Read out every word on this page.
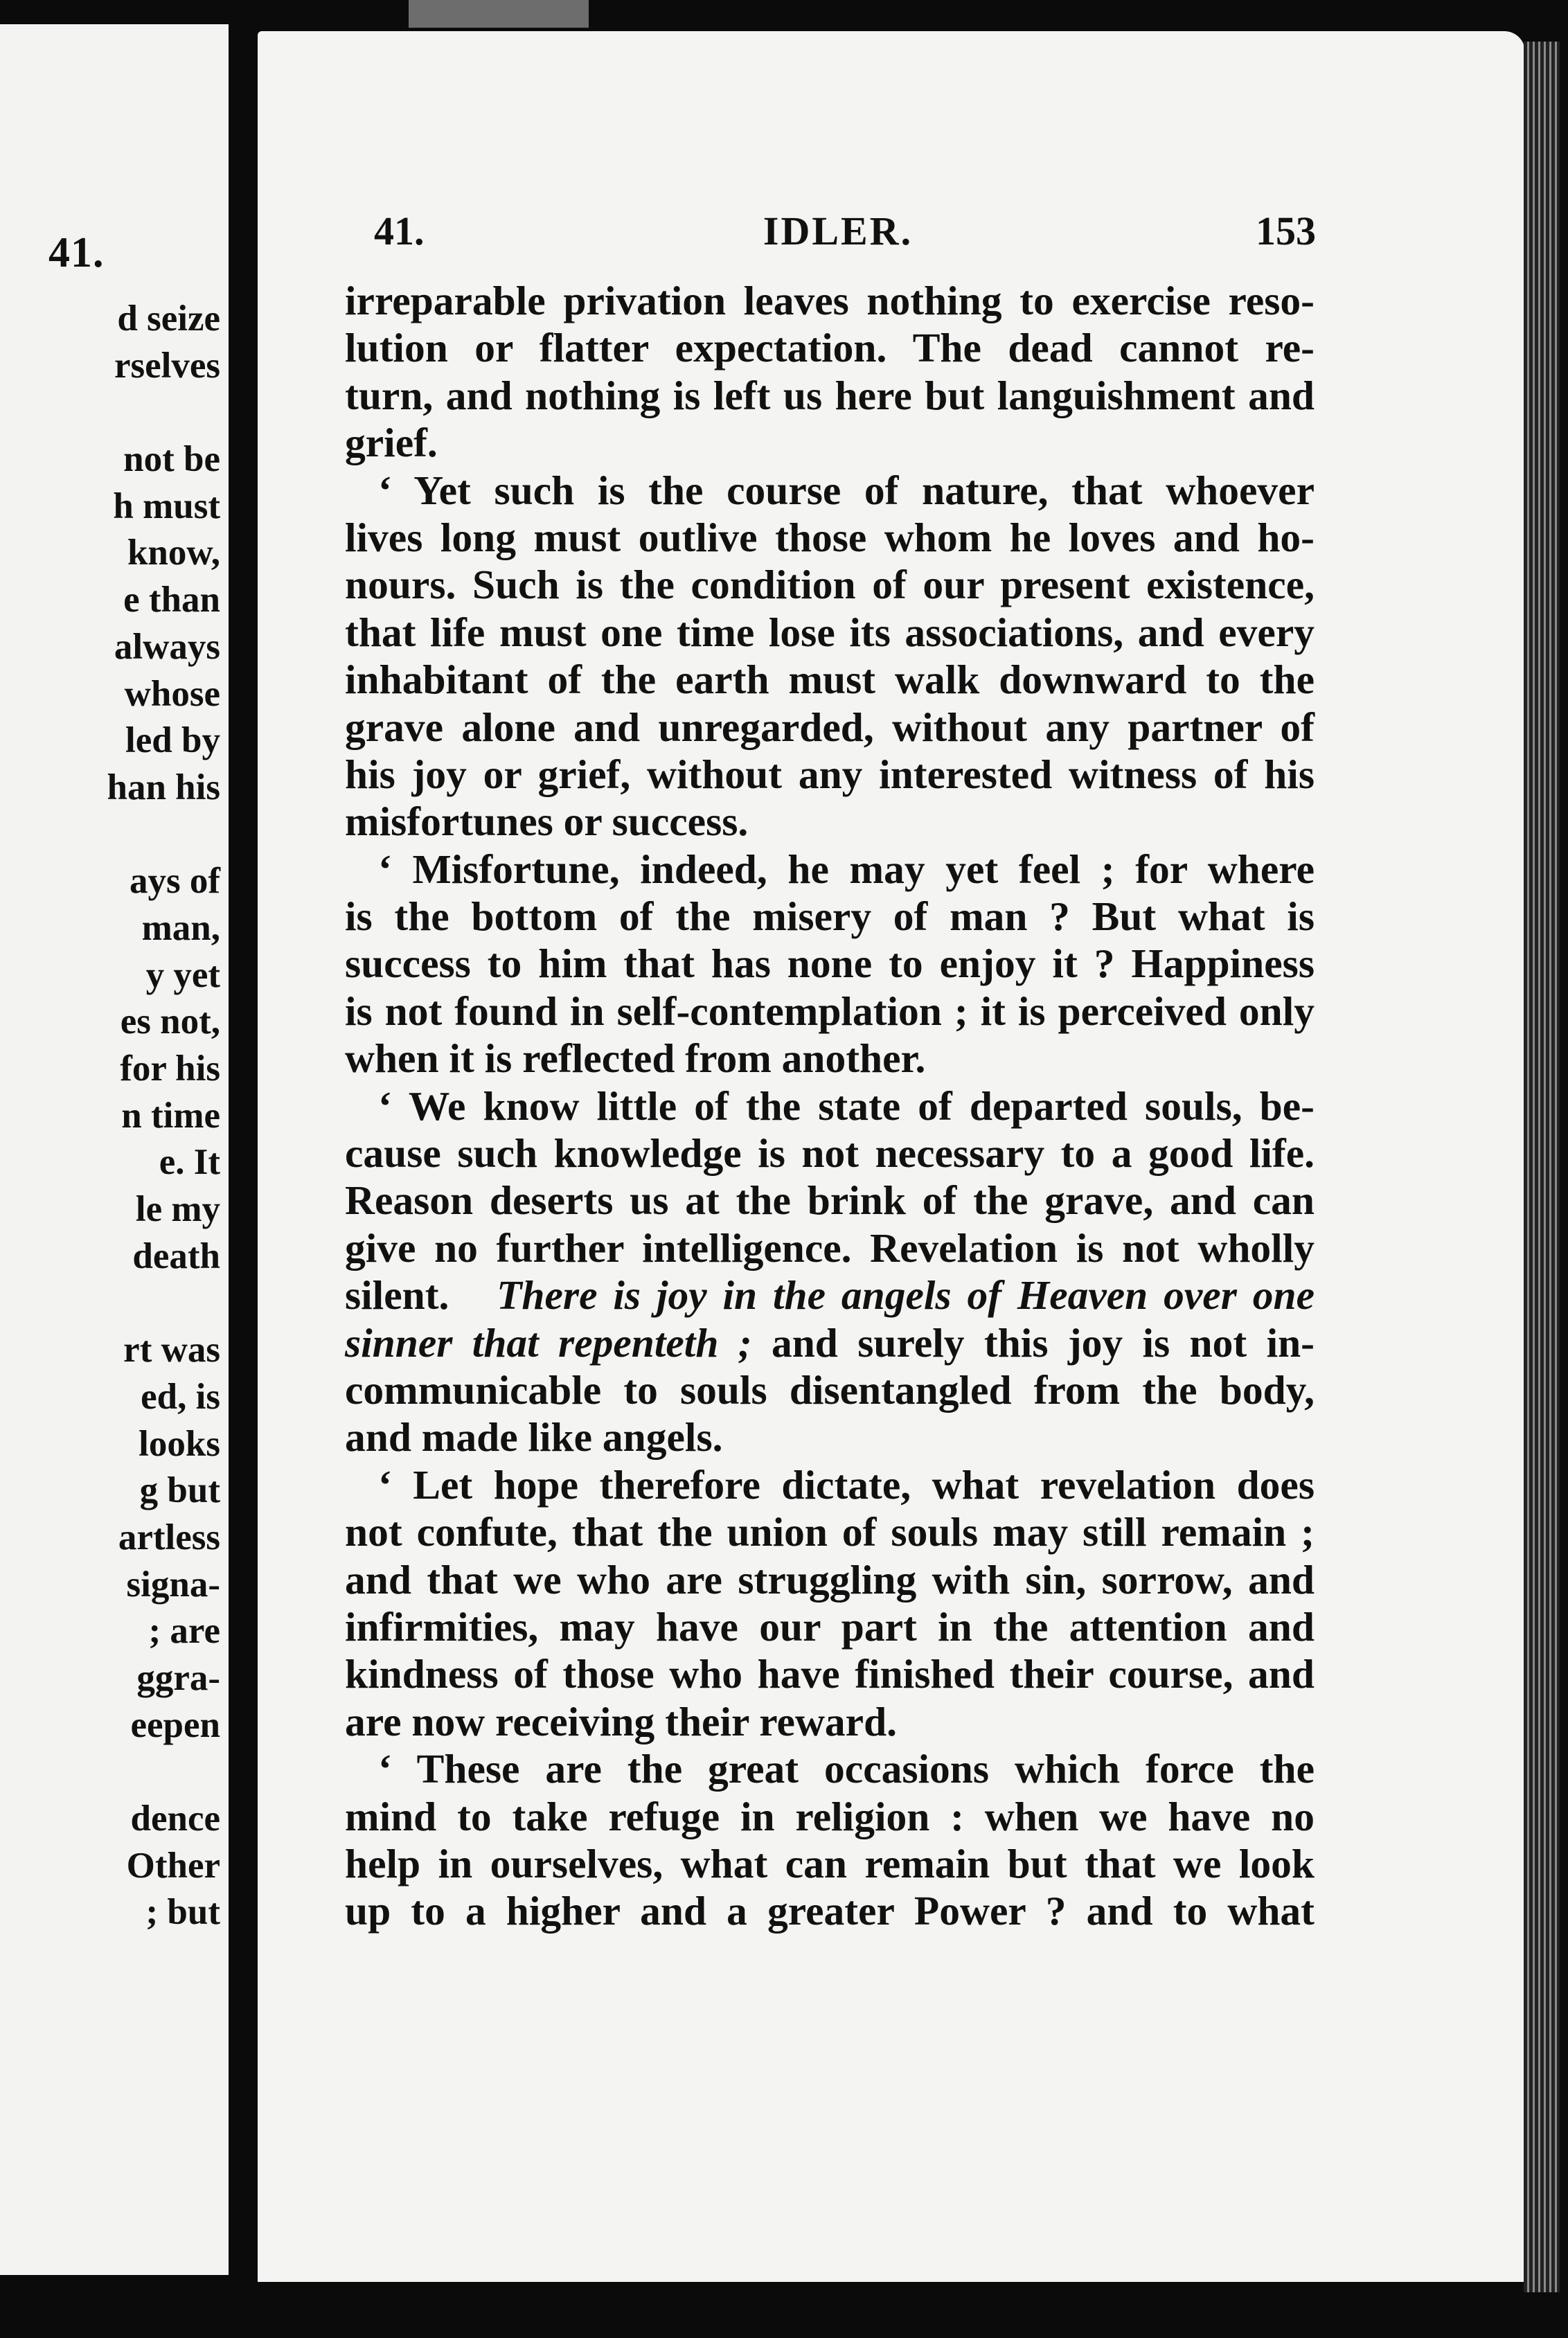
41.
d seize
rselves
not be
h must
know,
e than
always
whose
led by
han his
ays of
man,
y yet
es not,
for his
n time
e. It
le my
death
rt was
ed, is
looks
g but
artless
signa-
; are
ggra-
eepen
dence
Other
; but
41.	IDLER.	153
irreparable privation leaves nothing to exercise reso-
lution or flatter expectation. The dead cannot re-
turn, and nothing is left us here but languishment and
grief.
‘ Yet such is the course of nature, that whoever
lives long must outlive those whom he loves and ho-
nours. Such is the condition of our present existence,
that life must one time lose its associations, and every
inhabitant of the earth must walk downward to the
grave alone and unregarded, without any partner of
his joy or grief, without any interested witness of his
misfortunes or success.
‘ Misfortune, indeed, he may yet feel ; for where
is the bottom of the misery of man ? But what is
success to him that has none to enjoy it ? Happiness
is not found in self-contemplation ; it is perceived only
when it is reflected from another.
‘ We know little of the state of departed souls, be-
cause such knowledge is not necessary to a good life.
Reason deserts us at the brink of the grave, and can
give no further intelligence. Revelation is not wholly
silent. There is joy in the angels of Heaven over one
sinner that repenteth ; and surely this joy is not in-
communicable to souls disentangled from the body,
and made like angels.
‘ Let hope therefore dictate, what revelation does
not confute, that the union of souls may still remain ;
and that we who are struggling with sin, sorrow, and
infirmities, may have our part in the attention and
kindness of those who have finished their course, and
are now receiving their reward.
‘ These are the great occasions which force the
mind to take refuge in religion : when we have no
help in ourselves, what can remain but that we look
up to a higher and a greater Power ? and to what
